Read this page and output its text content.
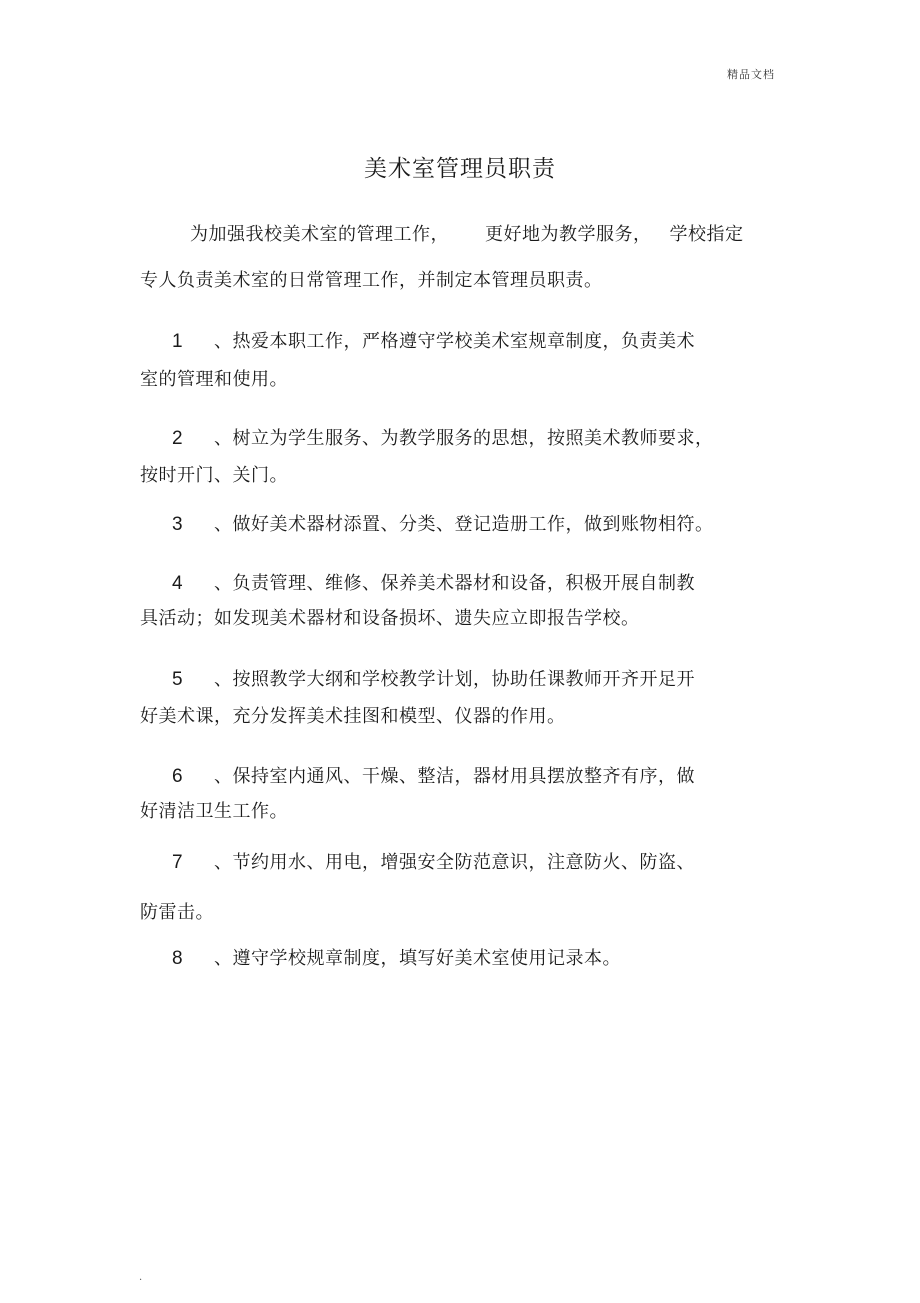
精品文档
美术室管理员职责
为加强我校美术室的管理工作， 更好地为教学服务， 学校指定
专人负责美术室的日常管理工作，并制定本管理员职责。
1 、热爱本职工作，严格遵守学校美术室规章制度，负责美术
室的管理和使用。
2 、树立为学生服务、为教学服务的思想，按照美术教师要求，
按时开门、关门。
3 、做好美术器材添置、分类、登记造册工作，做到账物相符。
4 、负责管理、维修、保养美术器材和设备，积极开展自制教
具活动；如发现美术器材和设备损坏、遗失应立即报告学校。
5 、按照教学大纲和学校教学计划，协助任课教师开齐开足开
好美术课，充分发挥美术挂图和模型、仪器的作用。
6 、保持室内通风、干燥、整洁，器材用具摆放整齐有序，做
好清洁卫生工作。
7 、节约用水、用电，增强安全防范意识，注意防火、防盗、
防雷击。
8 、遵守学校规章制度，填写好美术室使用记录本。
.
